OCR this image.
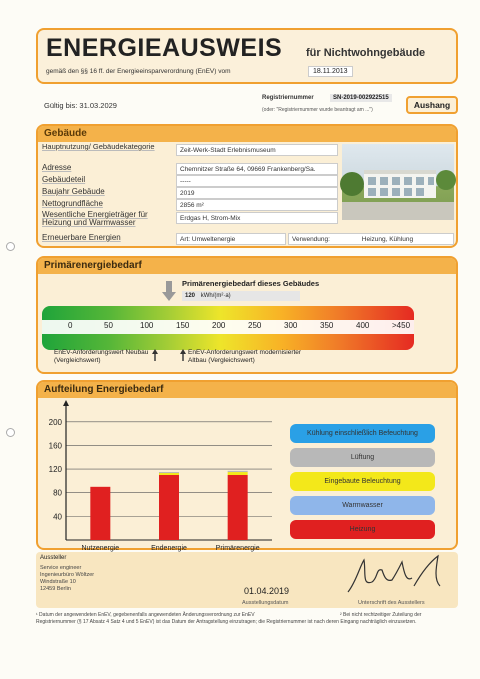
ENERGIEAUSWEIS für Nichtwohngebäude
gemäß den §§ 16 ff. der Energieeinsparverordnung (EnEV) vom	18.11.2013
Gültig bis: 31.03.2029
Registriernummer	SN-2019-002922515
(oder: "Registriernummer wurde beantragt am ...")	Aushang
Gebäude
Hauptnutzung/ Gebäudekategorie	Zeit-Werk-Stadt Erlebnismuseum
Adresse	Chemnitzer Straße 64, 09669 Frankenberg/Sa.
Gebäudeteil	-----
Baujahr Gebäude	2019
Nettogrundfläche	2856 m²
Wesentliche Energieträger für Heizung und Warmwasser	Erdgas H, Strom-Mix
Erneuerbare Energien	Art: Umweltenergie	Verwendung:	Heizung, Kühlung
Primärenergiebedarf
Primärenergiebedarf dieses Gebäudes
120 kWh/(m²·a)
EnEV-Anforderungswert Neubau (Vergleichswert)
EnEV-Anforderungswert modernisierter Altbau (Vergleichswert)
0	50	100	150	200	250	300	350	400	>450
Aufteilung Energiebedarf
200
160
120
80
40
Nutzenergie	Endenergie	Primärenergie
Kühlung einschließlich Befeuchtung
Lüftung
Eingebaute Beleuchtung
Warmwasser
Heizung
Aussteller
Service engineer
Ingenieurbüro Wöltzer
Windstraße 10
12459 Berlin	01.04.2019
Ausstellungsdatum	Unterschrift des Ausstellers
¹ Datum der angewendeten EnEV, gegebenenfalls angewendeten Änderungsverordnung zur EnEV
Registriernummer (§ 17 Absatz 4 Satz 4 und 5 EnEV) ist das Datum der Antragstellung einzutragen; die Registriernummer ist nach deren Eingang nachträglich einzusetzen.
² Bei nicht rechtzeitiger Zuteilung der
